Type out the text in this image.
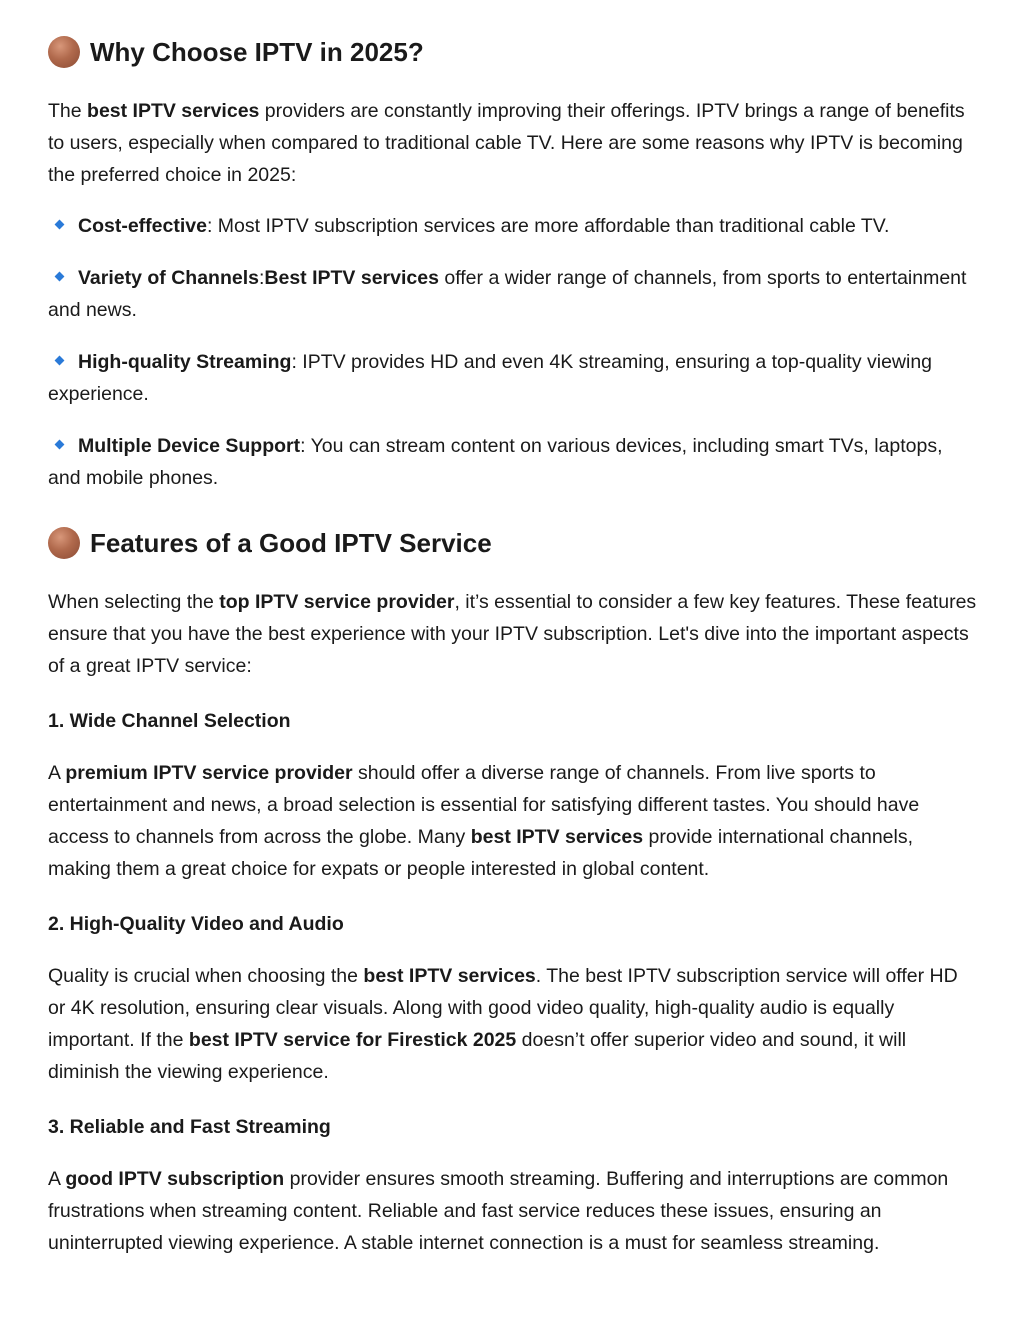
Why Choose IPTV in 2025?

The best IPTV services providers are constantly improving their offerings. IPTV brings a range of benefits to users, especially when compared to traditional cable TV. Here are some reasons why IPTV is becoming the preferred choice in 2025:

Cost-effective: Most IPTV subscription services are more affordable than traditional cable TV.

Variety of Channels:Best IPTV services offer a wider range of channels, from sports to entertainment and news.

High-quality Streaming: IPTV provides HD and even 4K streaming, ensuring a top-quality viewing experience.

Multiple Device Support: You can stream content on various devices, including smart TVs, laptops, and mobile phones.

Features of a Good IPTV Service

When selecting the top IPTV service provider, it’s essential to consider a few key features. These features ensure that you have the best experience with your IPTV subscription. Let's dive into the important aspects of a great IPTV service:

1. Wide Channel Selection

A premium IPTV service provider should offer a diverse range of channels. From live sports to entertainment and news, a broad selection is essential for satisfying different tastes. You should have access to channels from across the globe. Many best IPTV services provide international channels, making them a great choice for expats or people interested in global content.

2. High-Quality Video and Audio

Quality is crucial when choosing the best IPTV services. The best IPTV subscription service will offer HD or 4K resolution, ensuring clear visuals. Along with good video quality, high-quality audio is equally important. If the best IPTV service for Firestick 2025 doesn’t offer superior video and sound, it will diminish the viewing experience.

3. Reliable and Fast Streaming

A good IPTV subscription provider ensures smooth streaming. Buffering and interruptions are common frustrations when streaming content. Reliable and fast service reduces these issues, ensuring an uninterrupted viewing experience. A stable internet connection is a must for seamless streaming.
